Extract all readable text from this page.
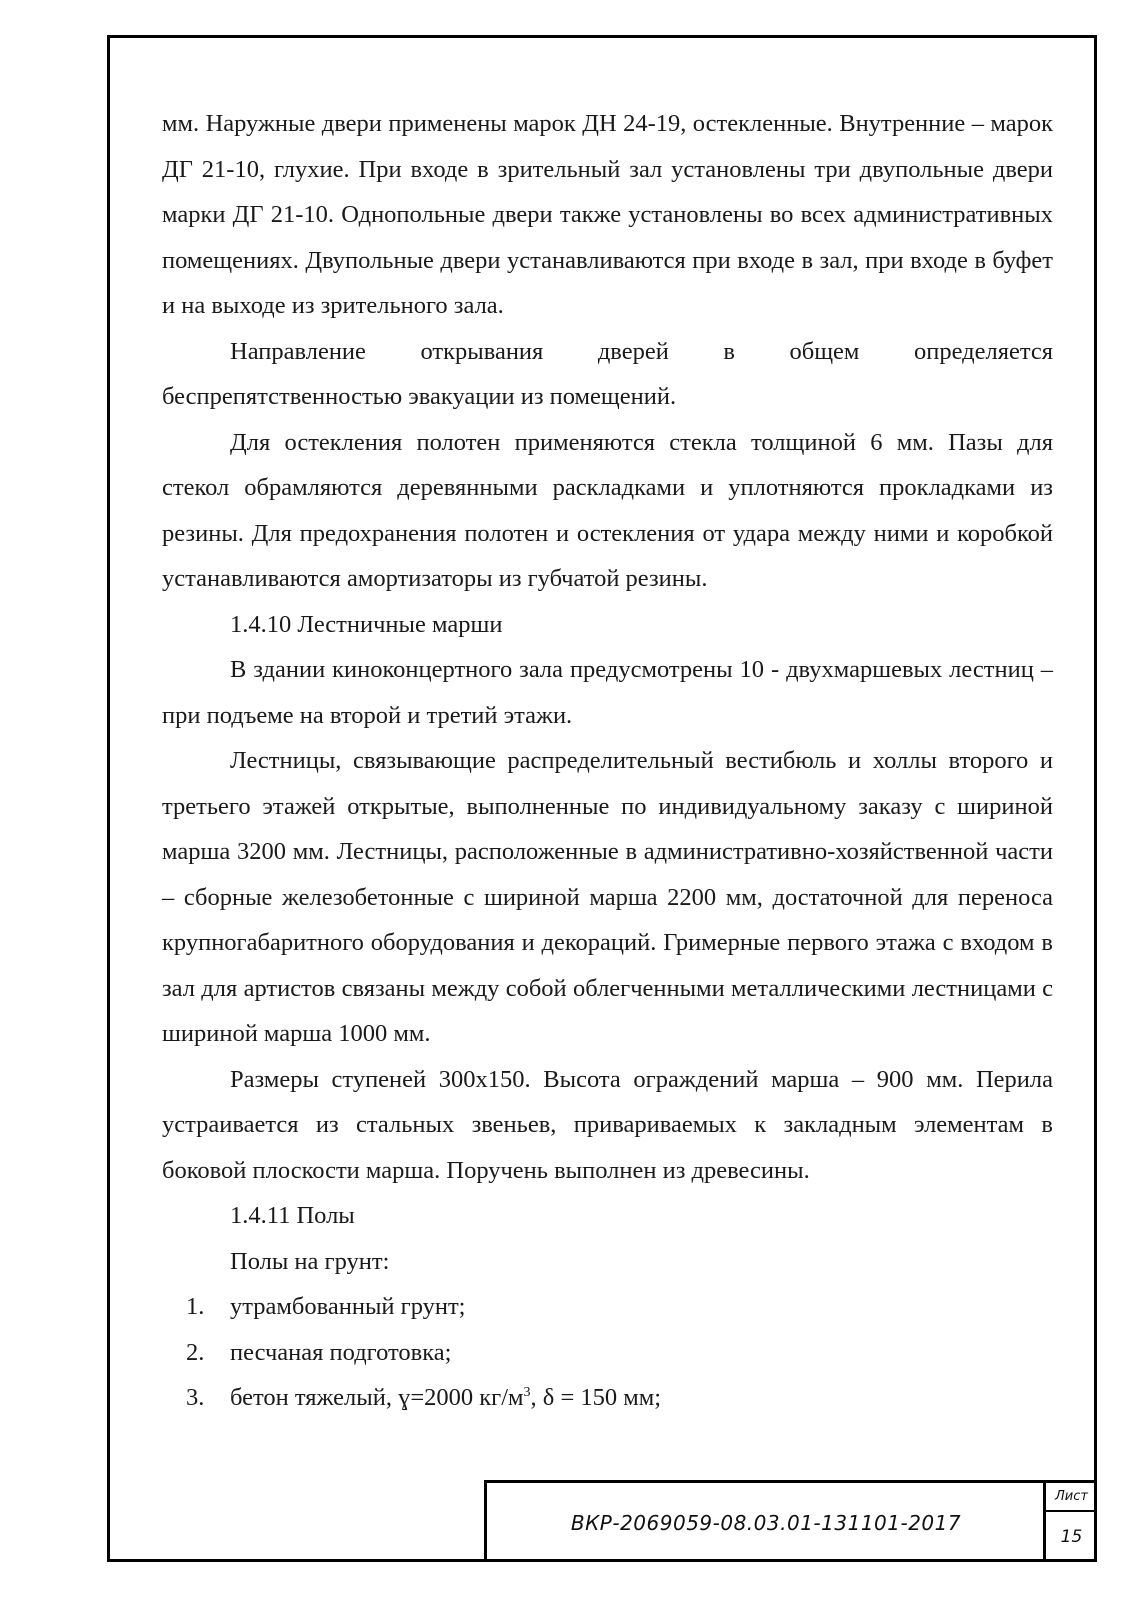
мм. Наружные двери применены марок ДН 24-19, остекленные. Внутренние – марок ДГ 21-10, глухие. При входе в зрительный зал установлены три двупольные двери марки ДГ 21-10. Однопольные двери также установлены во всех административных помещениях. Двупольные двери устанавливаются при входе в зал, при входе в буфет и на выходе из зрительного зала.

Направление открывания дверей в общем определяется беспрепятственностью эвакуации из помещений.

Для остекления полотен применяются стекла толщиной 6 мм. Пазы для стекол обрамляются деревянными раскладками и уплотняются прокладками из резины. Для предохранения полотен и остекления от удара между ними и коробкой устанавливаются амортизаторы из губчатой резины.

1.4.10 Лестничные марши

В здании киноконцертного зала предусмотрены 10 - двухмаршевых лестниц – при подъеме на второй и третий этажи.

Лестницы, связывающие распределительный вестибюль и холлы второго и третьего этажей открытые, выполненные по индивидуальному заказу с шириной марша 3200 мм. Лестницы, расположенные в административно-хозяйственной части – сборные железобетонные с шириной марша 2200 мм, достаточной для переноса крупногабаритного оборудования и декораций. Гримерные первого этажа с входом в зал для артистов связаны между собой облегченными металлическими лестницами с шириной марша 1000 мм.

Размеры ступеней 300х150. Высота ограждений марша – 900 мм. Перила устраивается из стальных звеньев, привариваемых к закладным элементам в боковой плоскости марша. Поручень выполнен из древесины.

1.4.11 Полы

Полы на грунт:

1. утрамбованный грунт;
2. песчаная подготовка;
3. бетон тяжелый, ɣ=2000 $кг/м^3$, δ = 150 мм;
ВКР-2069059-08.03.01-131101-2017
Лист
15
